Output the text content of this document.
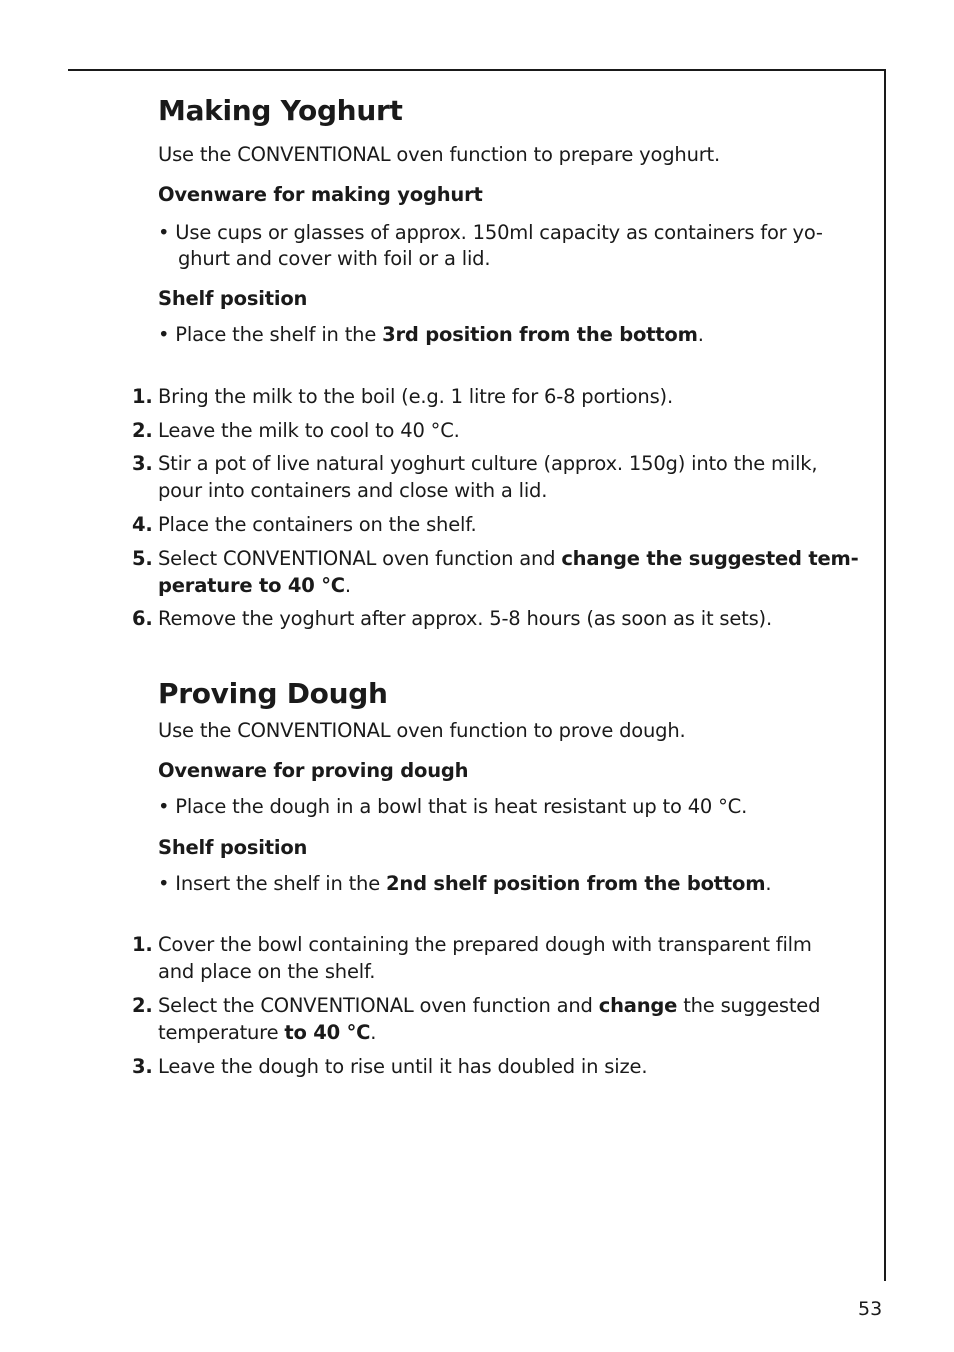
Making Yoghurt
Use the CONVENTIONAL oven function to prepare yoghurt.
Ovenware for making yoghurt
• Use cups or glasses of approx. 150ml capacity as containers for yo-
ghurt and cover with foil or a lid.
Shelf position
• Place the shelf in the 3rd position from the bottom.
1. Bring the milk to the boil (e.g. 1 litre for 6-8 portions).
2. Leave the milk to cool to 40 °C.
3. Stir a pot of live natural yoghurt culture (approx. 150g) into the milk,
pour into containers and close with a lid.
4. Place the containers on the shelf.
5. Select CONVENTIONAL oven function and change the suggested tem-
perature to 40 °C.
6. Remove the yoghurt after approx. 5-8 hours (as soon as it sets).
Proving Dough
Use the CONVENTIONAL oven function to prove dough.
Ovenware for proving dough
• Place the dough in a bowl that is heat resistant up to 40 °C.
Shelf position
• Insert the shelf in the 2nd shelf position from the bottom.
1. Cover the bowl containing the prepared dough with transparent film
and place on the shelf.
2. Select the CONVENTIONAL oven function and change the suggested
temperature to 40 °C.
3. Leave the dough to rise until it has doubled in size.
53
